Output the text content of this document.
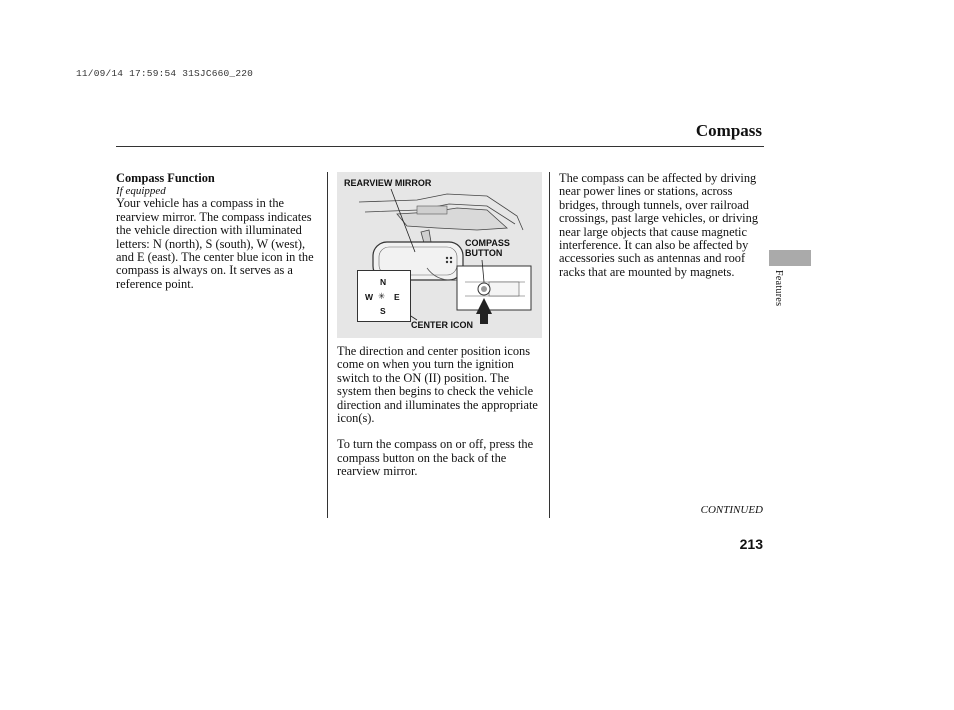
11/09/14 17:59:54 31SJC660_220
Compass

Compass Function

If equipped

Your vehicle has a compass in the rearview mirror. The compass indicates the vehicle direction with illuminated letters: N (north), S (south), W (west), and E (east). The center blue icon in the compass is always on. It serves as a reference point.	N
W ✳ E
S
REARVIEW MIRROR
COMPASS
BUTTON
CENTER ICON

The direction and center position icons come on when you turn the ignition switch to the ON (II) position. The system then begins to check the vehicle direction and illuminates the appropriate icon(s).

To turn the compass on or off, press the compass button on the back of the rearview mirror.

The compass can be affected by driving near power lines or stations, across bridges, through tunnels, over railroad crossings, past large vehicles, or driving near large objects that cause magnetic interference. It can also be affected by accessories such as antennas and roof racks that are mounted by magnets.

CONTINUED
213
Features
